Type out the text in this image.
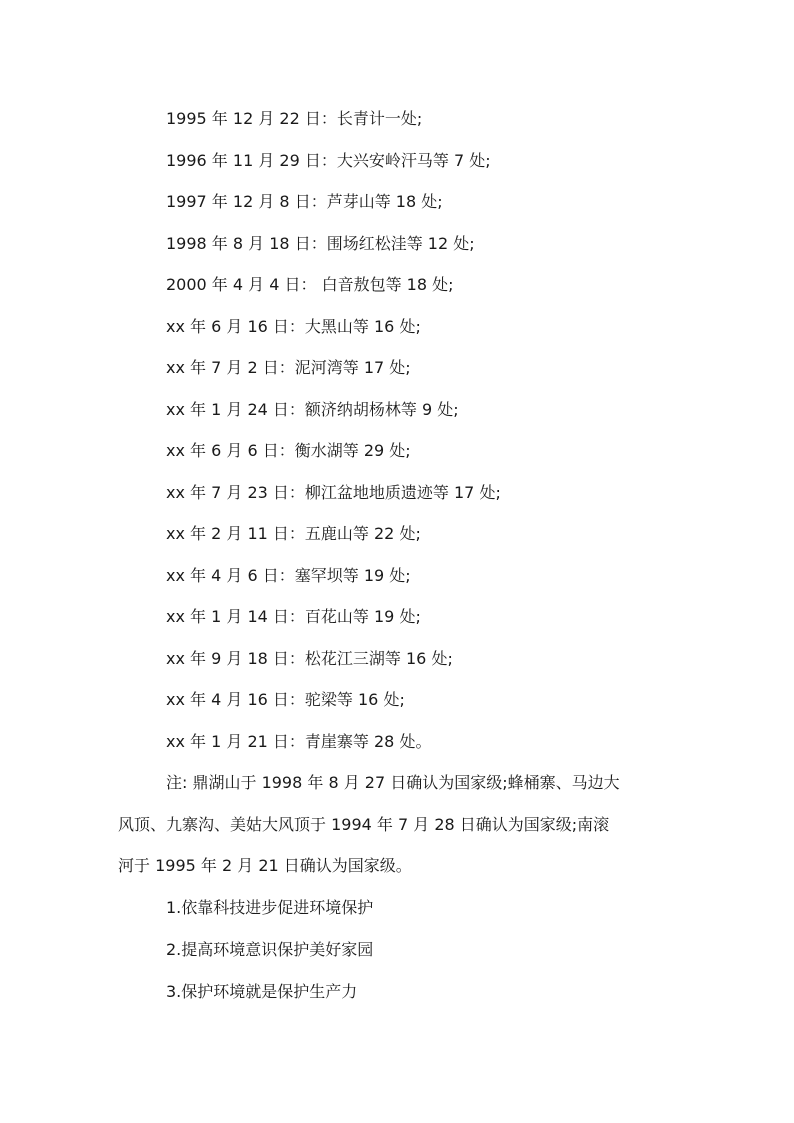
1995 年 12 月 22 日：长青计一处;
1996 年 11 月 29 日：大兴安岭汗马等 7 处;
1997 年 12 月 8 日：芦芽山等 18 处;
1998 年 8 月 18 日：围场红松洼等 12 处;
2000 年 4 月 4 日： 白音敖包等 18 处;
xx 年 6 月 16 日：大黑山等 16 处;
xx 年 7 月 2 日：泥河湾等 17 处;
xx 年 1 月 24 日：额济纳胡杨林等 9 处;
xx 年 6 月 6 日：衡水湖等 29 处;
xx 年 7 月 23 日：柳江盆地地质遗迹等 17 处;
xx 年 2 月 11 日：五鹿山等 22 处;
xx 年 4 月 6 日：塞罕坝等 19 处;
xx 年 1 月 14 日：百花山等 19 处;
xx 年 9 月 18 日：松花江三湖等 16 处;
xx 年 4 月 16 日：驼梁等 16 处;
xx 年 1 月 21 日：青崖寨等 28 处。
注: 鼎湖山于 1998 年 8 月 27 日确认为国家级;蜂桶寨、马边大
风顶、九寨沟、美姑大风顶于 1994 年 7 月 28 日确认为国家级;南滚
河于 1995 年 2 月 21 日确认为国家级。
1.依靠科技进步促进环境保护
2.提高环境意识保护美好家园
3.保护环境就是保护生产力
